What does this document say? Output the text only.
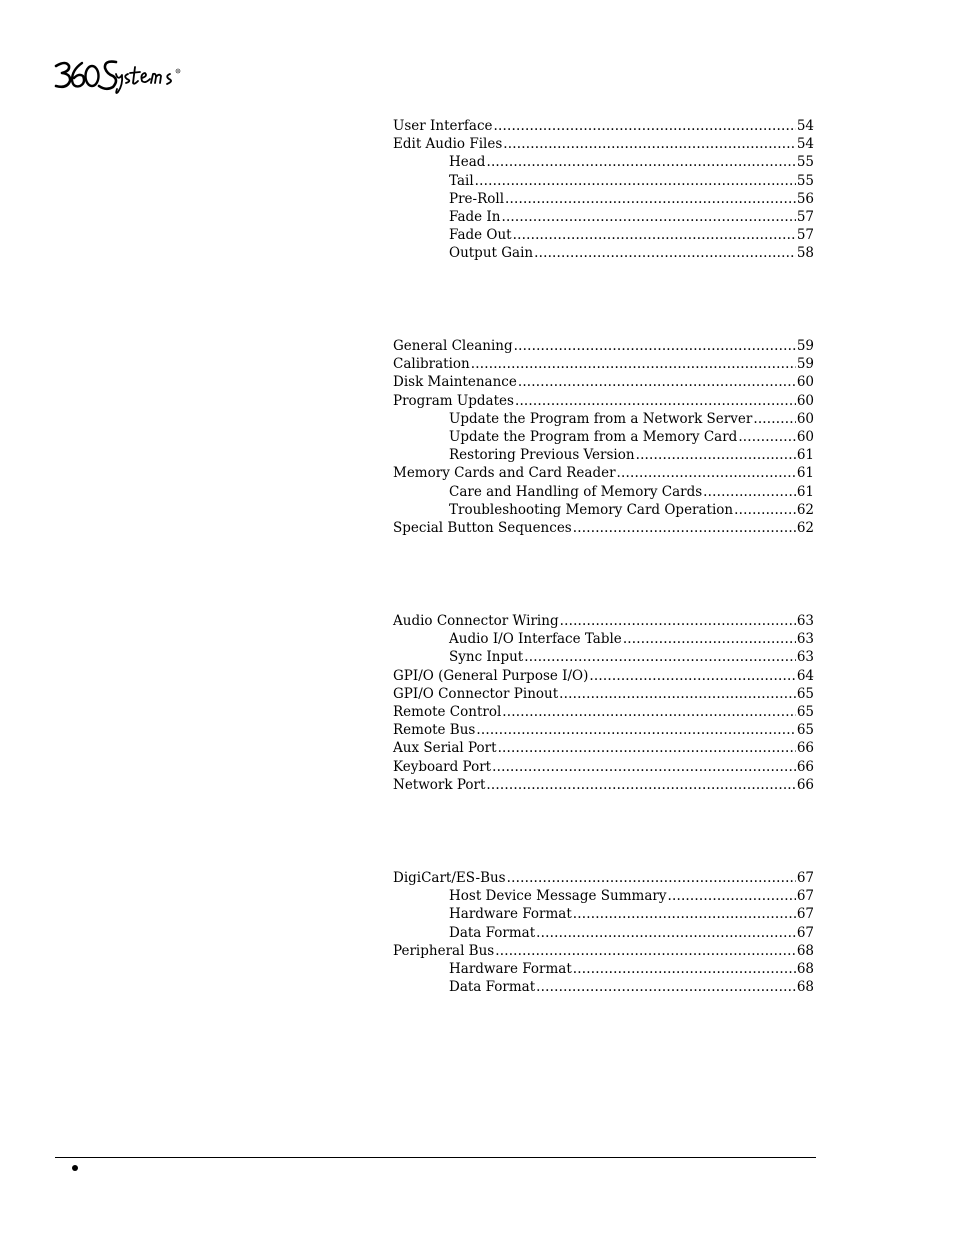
R
User Interface .....	54
Edit Audio Files .....	54
Head .....	55
Tail .....	55
Pre-Roll .....	56
Fade In .....	57
Fade Out .....	57
Output Gain .....	58
General Cleaning .....	59
Calibration .....	59
Disk Maintenance .....	60
Program Updates .....	60
Update the Program from a Network Server .....	60
Update the Program from a Memory Card .....	60
Restoring Previous Version .....	61
Memory Cards and Card Reader .....	61
Care and Handling of Memory Cards .....	61
Troubleshooting Memory Card Operation .....	62
Special Button Sequences .....	62
Audio Connector Wiring .....	63
Audio I/O Interface Table .....	63
Sync Input .....	63
GPI/O (General Purpose I/O) .....	64
GPI/O Connector Pinout .....	65
Remote Control .....	65
Remote Bus .....	65
Aux Serial Port .....	66
Keyboard Port .....	66
Network Port .....	66
DigiCart/ES-Bus .....	67
Host Device Message Summary .....	67
Hardware Format .....	67
Data Format .....	67
Peripheral Bus .....	68
Hardware Format .....	68
Data Format .....	68
